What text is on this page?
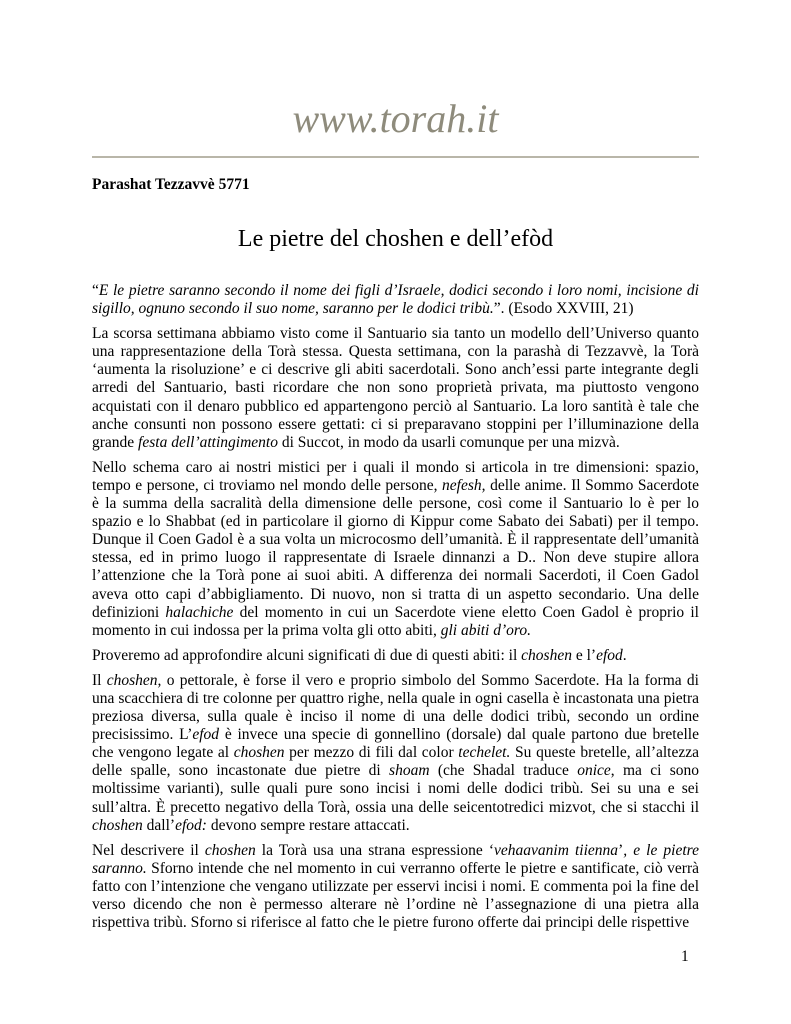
www.torah.it
Parashat Tezzavvè 5771
Le pietre del choshen e dell’efòd

“E le pietre saranno secondo il nome dei figli d’Israele, dodici secondo i loro nomi, incisione di sigillo, ognuno secondo il suo nome, saranno per le dodici tribù.”. (Esodo XXVIII, 21)

La scorsa settimana abbiamo visto come il Santuario sia tanto un modello dell’Universo quanto una rappresentazione della Torà stessa. Questa settimana, con la parashà di Tezzavvè, la Torà ‘aumenta la risoluzione’ e ci descrive gli abiti sacerdotali. Sono anch’essi parte integrante degli arredi del Santuario, basti ricordare che non sono proprietà privata, ma piuttosto vengono acquistati con il denaro pubblico ed appartengono perciò al Santuario. La loro santità è tale che anche consunti non possono essere gettati: ci si preparavano stoppini per l’illuminazione della grande festa dell’attingimento di Succot, in modo da usarli comunque per una mizvà.

Nello schema caro ai nostri mistici per i quali il mondo si articola in tre dimensioni: spazio, tempo e persone, ci troviamo nel mondo delle persone, nefesh, delle anime. Il Sommo Sacerdote è la summa della sacralità della dimensione delle persone, così come il Santuario lo è per lo spazio e lo Shabbat (ed in particolare il giorno di Kippur come Sabato dei Sabati) per il tempo. Dunque il Coen Gadol è a sua volta un microcosmo dell’umanità. È il rappresentate dell’umanità stessa, ed in primo luogo il rappresentate di Israele dinnanzi a D.. Non deve stupire allora l’attenzione che la Torà pone ai suoi abiti. A differenza dei normali Sacerdoti, il Coen Gadol aveva otto capi d’abbigliamento. Di nuovo, non si tratta di un aspetto secondario. Una delle definizioni halachiche del momento in cui un Sacerdote viene eletto Coen Gadol è proprio il momento in cui indossa per la prima volta gli otto abiti, gli abiti d’oro.

Proveremo ad approfondire alcuni significati di due di questi abiti: il choshen e l’efod.

Il choshen, o pettorale, è forse il vero e proprio simbolo del Sommo Sacerdote. Ha la forma di una scacchiera di tre colonne per quattro righe, nella quale in ogni casella è incastonata una pietra preziosa diversa, sulla quale è inciso il nome di una delle dodici tribù, secondo un ordine precisissimo. L’efod è invece una specie di gonnellino (dorsale) dal quale partono due bretelle che vengono legate al choshen per mezzo di fili dal color techelet. Su queste bretelle, all’altezza delle spalle, sono incastonate due pietre di shoam (che Shadal traduce onice, ma ci sono moltissime varianti), sulle quali pure sono incisi i nomi delle dodici tribù. Sei su una e sei sull’altra. È precetto negativo della Torà, ossia una delle seicentotredici mizvot, che si stacchi il choshen dall’efod: devono sempre restare attaccati.

Nel descrivere il choshen la Torà usa una strana espressione ‘vehaavanim tiienna’, e le pietre saranno. Sforno intende che nel momento in cui verranno offerte le pietre e santificate, ciò verrà fatto con l’intenzione che vengano utilizzate per esservi incisi i nomi. E commenta poi la fine del verso dicendo che non è permesso alterare nè l’ordine nè l’assegnazione di una pietra alla rispettiva tribù. Sforno si riferisce al fatto che le pietre furono offerte dai principi delle rispettive

1
